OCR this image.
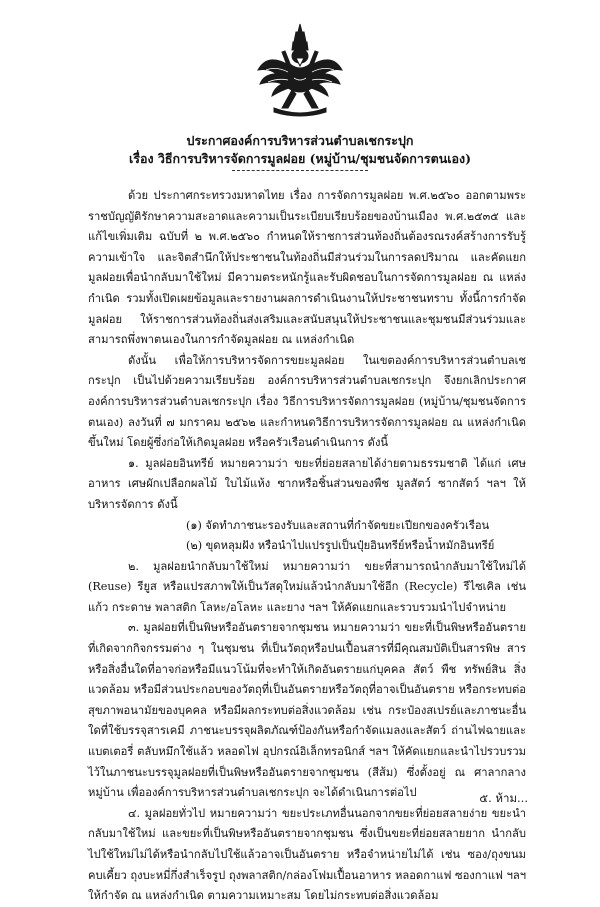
ประกาศองค์การบริหารส่วนตำบลเชกระปุก
เรื่อง วิธีการบริหารจัดการมูลฝอย (หมู่บ้าน/ชุมชนจัดการตนเอง)

ด้วย ประกาศกระทรวงมหาดไทย เรื่อง การจัดการมูลฝอย พ.ศ.๒๕๖๐ ออกตามพระราชบัญญัติรักษาความสะอาดและความเป็นระเบียบเรียบร้อยของบ้านเมือง พ.ศ.๒๕๓๕ และแก้ไขเพิ่มเติม ฉบับที่ ๒ พ.ศ.๒๕๖๐ กำหนดให้ราชการส่วนท้องถิ่นต้องรณรงค์สร้างการรับรู้ ความเข้าใจ และจิตสำนึกให้ประชาชนในท้องถิ่นมีส่วนร่วมในการลดปริมาณ และคัดแยกมูลฝอยเพื่อนำกลับมาใช้ใหม่ มีความตระหนักรู้และรับผิดชอบในการจัดการมูลฝอย ณ แหล่งกำเนิด รวมทั้งเปิดเผยข้อมูลและรายงานผลการดำเนินงานให้ประชาชนทราบ ทั้งนี้การกำจัดมูลฝอย ให้ราชการส่วนท้องถิ่นส่งเสริมและสนับสนุนให้ประชาชนและชุมชนมีส่วนร่วมและสามารถพึ่งพาตนเองในการกำจัดมูลฝอย ณ แหล่งกำเนิด

ดังนั้น เพื่อให้การบริหารจัดการขยะมูลฝอย ในเขตองค์การบริหารส่วนตำบลเชกระปุก เป็นไปด้วยความเรียบร้อย องค์การบริหารส่วนตำบลเชกระปุก จึงยกเลิกประกาศองค์การบริหารส่วนตำบลเชกระปุก เรื่อง วิธีการบริหารจัดการมูลฝอย (หมู่บ้าน/ชุมชนจัดการตนเอง) ลงวันที่ ๗ มกราคม ๒๕๖๒ และกำหนดวิธีการบริหารจัดการมูลฝอย ณ แหล่งกำเนิด ขึ้นใหม่ โดยผู้ซึ่งก่อให้เกิดมูลฝอย หรือครัวเรือนดำเนินการ ดังนี้

๑. มูลฝอยอินทรีย์ หมายความว่า ขยะที่ย่อยสลายได้ง่ายตามธรรมชาติ ได้แก่ เศษอาหาร เศษผักเปลือกผลไม้ ใบไม้แห้ง ซากหรือชิ้นส่วนของพืช มูลสัตว์ ซากสัตว์ ฯลฯ ให้บริหารจัดการ ดังนี้

(๑) จัดทำภาชนะรองรับและสถานที่กำจัดขยะเปียกของครัวเรือน

(๒) ขุดหลุมฝัง หรือนำไปแปรรูปเป็นปุ๋ยอินทรีย์หรือน้ำหมักอินทรีย์

๒. มูลฝอยนำกลับมาใช้ใหม่ หมายความว่า ขยะที่สามารถนำกลับมาใช้ใหม่ได้ (Reuse) รียูส หรือแปรสภาพให้เป็นวัสดุใหม่แล้วนำกลับมาใช้อีก (Recycle) รีไซเคิล เช่น แก้ว กระดาษ พลาสติก โลหะ/อโลหะ และยาง ฯลฯ ให้คัดแยกและรวบรวมนำไปจำหน่าย

๓. มูลฝอยที่เป็นพิษหรืออันตรายจากชุมชน หมายความว่า ขยะที่เป็นพิษหรืออันตรายที่เกิดจากกิจกรรมต่าง ๆ ในชุมชน ที่เป็นวัตถุหรือปนเปื้อนสารที่มีคุณสมบัติเป็นสารพิษ สารหรือสิ่งอื่นใดที่อาจก่อหรือมีแนวโน้มที่จะทำให้เกิดอันตรายแก่บุคคล สัตว์ พืช ทรัพย์สิน สิ่งแวดล้อม หรือมีส่วนประกอบของวัตถุที่เป็นอันตรายหรือวัตถุที่อาจเป็นอันตราย หรือกระทบต่อสุขภาพอนามัยของบุคคล หรือมีผลกระทบต่อสิ่งแวดล้อม เช่น กระป๋องสเปรย์และภาชนะอื่นใดที่ใช้บรรจุสารเคมี ภาชนะบรรจุผลิตภัณฑ์ป้องกันหรือกำจัดแมลงและสัตว์ ถ่านไฟฉายและแบตเตอรี่ ตลับหมึกใช้แล้ว หลอดไฟ อุปกรณ์อิเล็กทรอนิกส์ ฯลฯ ให้คัดแยกและนำไปรวบรวมไว้ในภาชนะบรรจุมูลฝอยที่เป็นพิษหรืออันตรายจากชุมชน (สีส้ม) ซึ่งตั้งอยู่ ณ ศาลากลางหมู่บ้าน เพื่อองค์การบริหารส่วนตำบลเชกระปุก จะได้ดำเนินการต่อไป

๔. มูลฝอยทั่วไป หมายความว่า ขยะประเภทอื่นนอกจากขยะที่ย่อยสลายง่าย ขยะนำกลับมาใช้ใหม่ และขยะที่เป็นพิษหรืออันตรายจากชุมชน ซึ่งเป็นขยะที่ย่อยสลายยาก นำกลับไปใช้ใหม่ไม่ได้หรือนำกลับไปใช้แล้วอาจเป็นอันตราย หรือจำหน่ายไม่ได้ เช่น ซอง/ถุงขนมคบเคี้ยว ถุงบะหมี่กึ่งสำเร็จรูป ถุงพลาสติก/กล่องโฟมเปื้อนอาหาร หลอดกาแฟ ซองกาแฟ ฯลฯ ให้กำจัด ณ แหล่งกำเนิด ตามความเหมาะสม โดยไม่กระทบต่อสิ่งแวดล้อม

๕. ห้าม...
